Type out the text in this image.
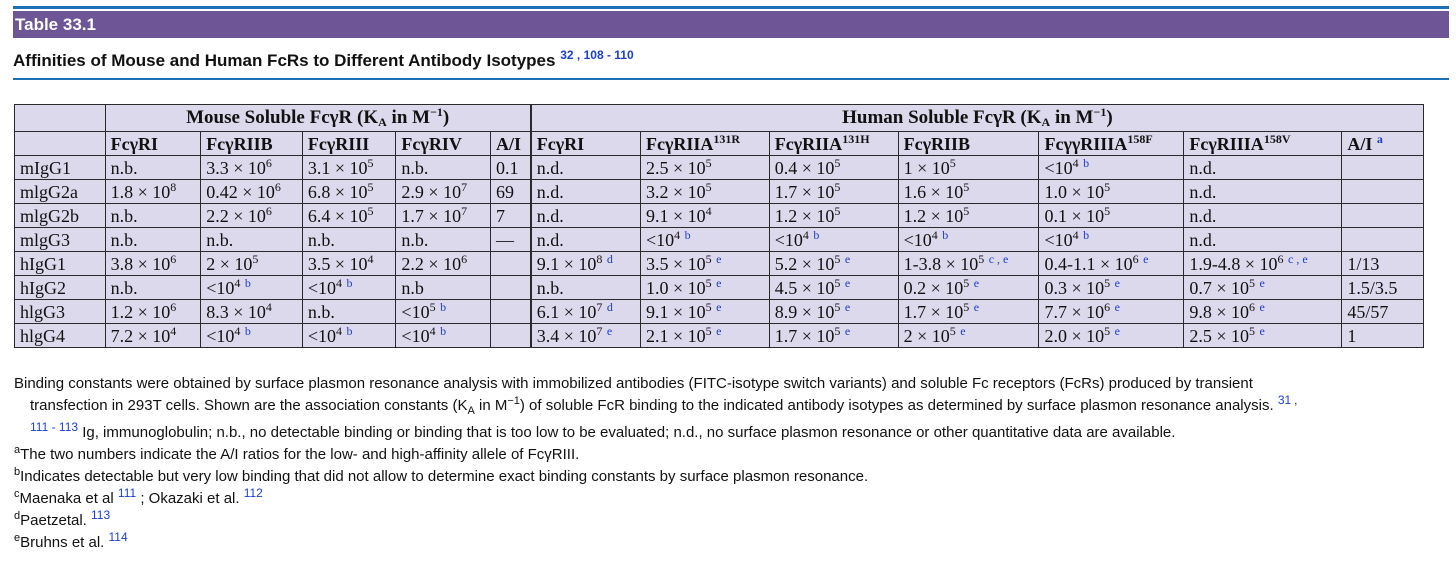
Table 33.1
Affinities of Mouse and Human FcRs to Different Antibody Isotypes $^{32 , 108 - 110}$
	Mouse Soluble FcγR ($K_A$ in $M^{-1}$)					Human Soluble FcγR ($K_A$ in $M^{-1}$)						
	FcγRI	FcγRIIB	FcγRIII	FcγRIV	A/I	FcγRI	FcγRIIA$^{131R}$	FcγRIIA$^{131H}$	FcγRIIB	FcγγRIIIA$^{158F}$	FcγRIIIA$^{158V}$	A/I $^a$
mIgG1	n.b.	$3.3 \times 10^6$	$3.1 \times 10^5$	n.b.	0.1	n.d.	$2.5 \times 10^5$	$0.4 \times 10^5$	$1 \times 10^5$	$<10^4$ $^b$	n.d.	
mlgG2a	$1.8 \times 10^8$	$0.42 \times 10^6$	$6.8 \times 10^5$	$2.9 \times 10^7$	69	n.d.	$3.2 \times 10^5$	$1.7 \times 10^5$	$1.6 \times 10^5$	$1.0 \times 10^5$	n.d.	
mlgG2b	n.b.	$2.2 \times 10^6$	$6.4 \times 10^5$	$1.7 \times 10^7$	7	n.d.	$9.1 \times 10^4$	$1.2 \times 10^5$	$1.2 \times 10^5$	$0.1 \times 10^5$	n.d.	
mlgG3	n.b.	n.b.	n.b.	n.b.	—	n.d.	$<10^4$ $^b$	$<10^4$ $^b$	$<10^4$ $^b$	$<10^4$ $^b$	n.d.	
hIgG1	$3.8 \times 10^6$	$2 \times 10^5$	$3.5 \times 10^4$	$2.2 \times 10^6$		$9.1 \times 10^8$ $^d$	$3.5 \times 10^5$ $^e$	$5.2 \times 10^5$ $^e$	$1-3.8 \times 10^5$ $^{c , e}$	$0.4-1.1 \times 10^6$ $^e$	$1.9-4.8 \times 10^6$ $^{c , e}$	1/13
hIgG2	n.b.	$<10^4$ $^b$	$<10^4$ $^b$	n.b		n.b.	$1.0 \times 10^5$ $^e$	$4.5 \times 10^5$ $^e$	$0.2 \times 10^5$ $^e$	$0.3 \times 10^5$ $^e$	$0.7 \times 10^5$ $^e$	1.5/3.5
hlgG3	$1.2 \times 10^6$	$8.3 \times 10^4$	n.b.	$<10^5$ $^b$		$6.1 \times 10^7$ $^d$	$9.1 \times 10^5$ $^e$	$8.9 \times 10^5$ $^e$	$1.7 \times 10^5$ $^e$	$7.7 \times 10^6$ $^e$	$9.8 \times 10^6$ $^e$	45/57
hlgG4	$7.2 \times 10^4$	$<10^4$ $^b$	$<10^4$ $^b$	$<10^4$ $^b$		$3.4 \times 10^7$ $^e$	$2.1 \times 10^5$ $^e$	$1.7 \times 10^5$ $^e$	$2 \times 10^5$ $^e$	$2.0 \times 10^5$ $^e$	$2.5 \times 10^5$ $^e$	1

Binding constants were obtained by surface plasmon resonance analysis with immobilized antibodies (FITC-isotype switch variants) and soluble Fc receptors (FcRs) produced by transient

transfection in 293T cells. Shown are the association constants ($K_A$ in $M^{-1}$) of soluble FcR binding to the indicated antibody isotypes as determined by surface plasmon resonance analysis. $^{31}$ ,

$^{111 - 113}$ Ig, immunoglobulin; n.b., no detectable binding or binding that is too low to be evaluated; n.d., no surface plasmon resonance or other quantitative data are available.

$^a$The two numbers indicate the A/I ratios for the low- and high-affinity allele of FcγRIII.

$^b$Indicates detectable but very low binding that did not allow to determine exact binding constants by surface plasmon resonance.

$^c$Maenaka et al $^{111}$ ; Okazaki et al. $^{112}$

$^d$Paetzetal. $^{113}$

$^e$Bruhns et al. $^{114}$
